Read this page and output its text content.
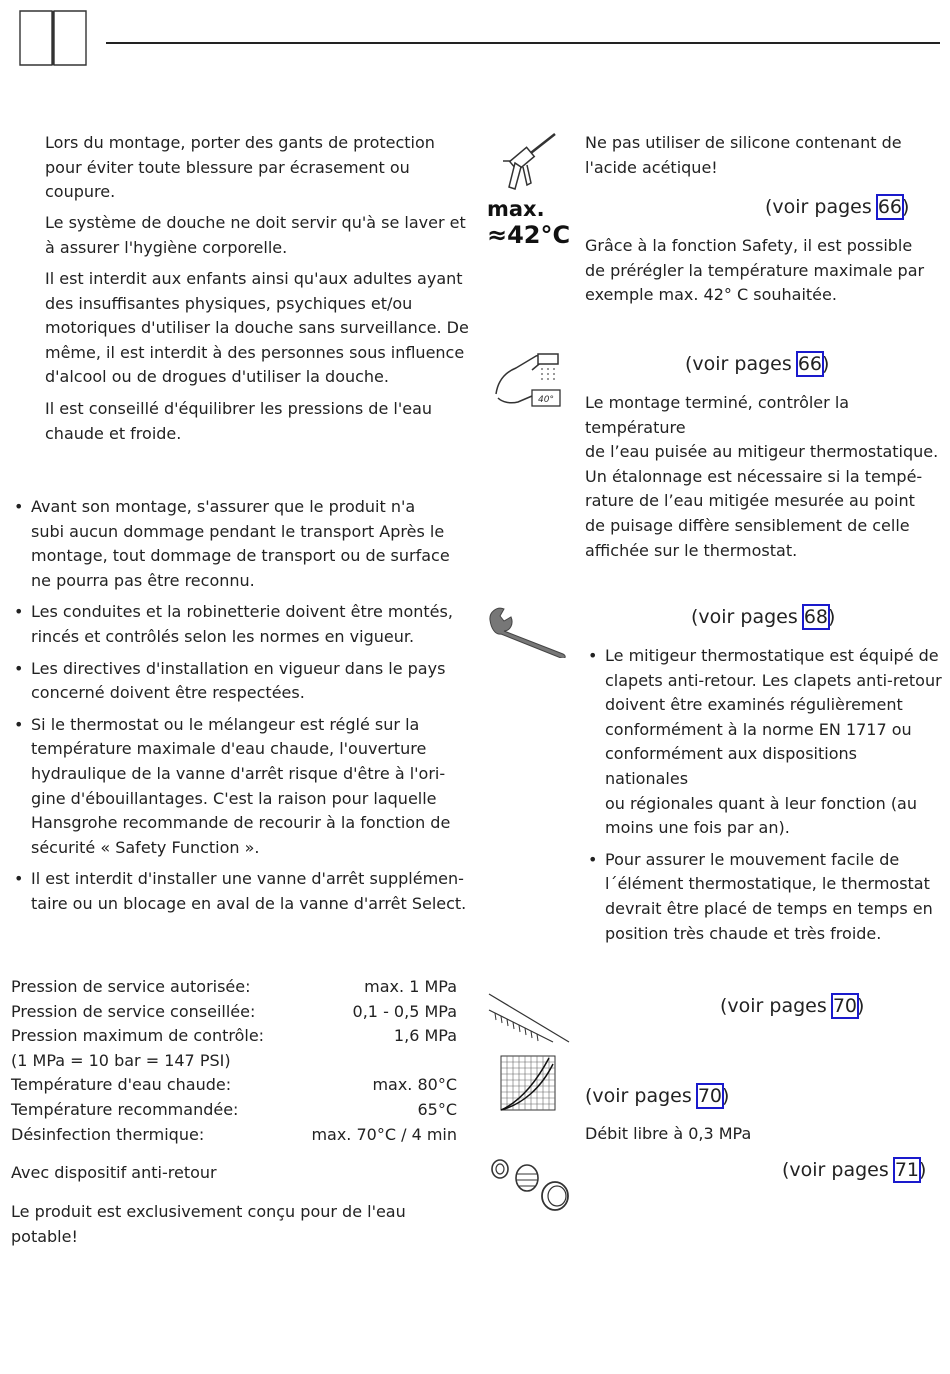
Lors du montage, porter des gants de protection
pour éviter toute blessure par écrasement ou
coupure.

Le système de douche ne doit servir qu'à se laver et
à assurer l'hygiène corporelle.

Il est interdit aux enfants ainsi qu'aux adultes ayant
des insuffisantes physiques, psychiques et/ou
motoriques d'utiliser la douche sans surveillance. De
même, il est interdit à des personnes sous influence
d'alcool ou de drogues d'utiliser la douche.

Il est conseillé d'équilibrer les pressions de l'eau
chaude et froide.

• Avant son montage, s'assurer que le produit n'a
subi aucun dommage pendant le transport Après le
montage, tout dommage de transport ou de surface
ne pourra pas être reconnu.
• Les conduites et la robinetterie doivent être montés,
rincés et contrôlés selon les normes en vigueur.
• Les directives d'installation en vigueur dans le pays
concerné doivent être respectées.
• Si le thermostat ou le mélangeur est réglé sur la
température maximale d'eau chaude, l'ouverture
hydraulique de la vanne d'arrêt risque d'être à l'ori-
gine d'ébouillantages. C'est la raison pour laquelle
Hansgrohe recommande de recourir à la fonction de
sécurité « Safety Function ».
• Il est interdit d'installer une vanne d'arrêt supplémen-
taire ou un blocage en aval de la vanne d'arrêt Select.
Pression de service autorisée:	max. 1 MPa
Pression de service conseillée:	0,1 - 0,5 MPa
Pression maximum de contrôle:	1,6 MPa
(1 MPa = 10 bar = 147 PSI)
Température d'eau chaude:	max. 80°C
Température recommandée:	65°C
Désinfection thermique:	max. 70°C / 4 min

Avec dispositif anti-retour

Le produit est exclusivement conçu pour de l'eau
potable!

Ne pas utiliser de silicone contenant de
l'acide acétique!

max.
≈42°C
(voir pages 66)

Grâce à la fonction Safety, il est possible
de prérégler la température maximale par
exemple max. 42° C souhaitée.

40°
(voir pages 66)

Le montage terminé, contrôler la température
de l’eau puisée au mitigeur thermostatique.
Un étalonnage est nécessaire si la tempé-
rature de l’eau mitigée mesurée au point
de puisage diffère sensiblement de celle
affichée sur le thermostat.

(voir pages 68)
• Le mitigeur thermostatique est équipé de
clapets anti-retour. Les clapets anti-retour
doivent être examinés régulièrement
conformément à la norme EN 1717 ou
conformément aux dispositions nationales
ou régionales quant à leur fonction (au
moins une fois par an).
• Pour assurer le mouvement facile de
l´élément thermostatique, le thermostat
devrait être placé de temps en temps en
position très chaude et très froide.
(voir pages 70)
(voir pages 70)

Débit libre à 0,3 MPa

(voir pages 71)
